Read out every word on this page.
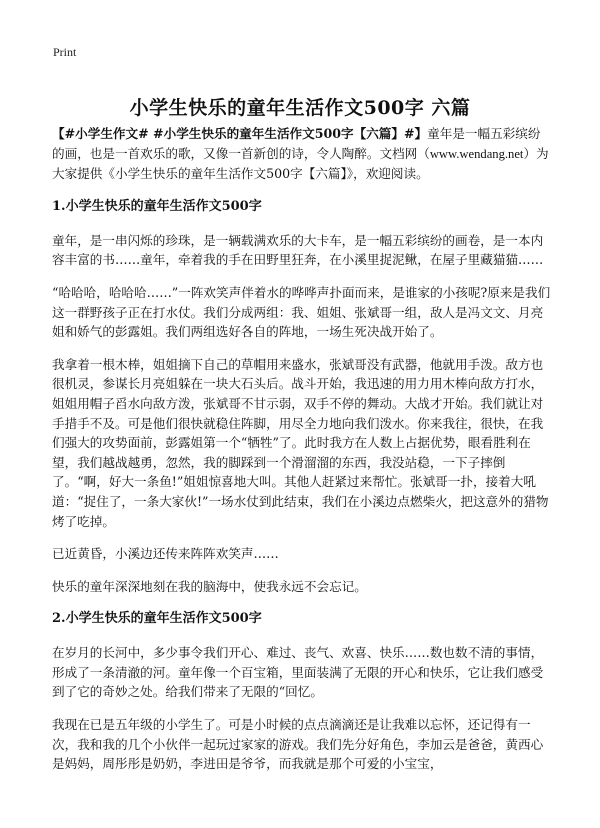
Print
小学生快乐的童年生活作文500字 六篇

【#小学生作文# #小学生快乐的童年生活作文500字【六篇】#】童年是一幅五彩缤纷的画，也是一首欢乐的歌，又像一首新创的诗，令人陶醉。文档网（www.wendang.net）为大家提供《小学生快乐的童年生活作文500字【六篇】》，欢迎阅读。

1.小学生快乐的童年生活作文500字

童年，是一串闪烁的珍珠，是一辆载满欢乐的大卡车，是一幅五彩缤纷的画卷，是一本内容丰富的书……童年，牵着我的手在田野里狂奔，在小溪里捉泥鳅，在屋子里藏猫猫……

“哈哈哈，哈哈哈……”一阵欢笑声伴着水的哗哗声扑面而来，是谁家的小孩呢?原来是我们这一群野孩子正在打水仗。我们分成两组：我、姐姐、张斌哥一组，敌人是冯文文、月亮姐和娇气的彭露姐。我们两组选好各自的阵地，一场生死决战开始了。

我拿着一根木棒，姐姐摘下自己的草帽用来盛水，张斌哥没有武器，他就用手泼。敌方也很机灵，参谋长月亮姐躲在一块大石头后。战斗开始，我迅速的用力用木棒向敌方打水，姐姐用帽子舀水向敌方泼，张斌哥不甘示弱，双手不停的舞动。大战才开始。我们就让对手措手不及。可是他们很快就稳住阵脚，用尽全力地向我们泼水。你来我往，很快，在我们强大的攻势面前，彭露姐第一个“牺牲”了。此时我方在人数上占据优势，眼看胜利在望，我们越战越勇，忽然，我的脚踩到一个滑溜溜的东西，我没站稳，一下子摔倒了。“啊，好大一条鱼!”姐姐惊喜地大叫。其他人赶紧过来帮忙。张斌哥一扑，接着大吼道：“捉住了，一条大家伙!”一场水仗到此结束，我们在小溪边点燃柴火，把这意外的猎物烤了吃掉。

已近黄昏，小溪边还传来阵阵欢笑声……

快乐的童年深深地刻在我的脑海中，使我永远不会忘记。

2.小学生快乐的童年生活作文500字

在岁月的长河中，多少事令我们开心、难过、丧气、欢喜、快乐……数也数不清的事情，形成了一条清澈的河。童年像一个百宝箱，里面装满了无限的开心和快乐，它让我们感受到了它的奇妙之处。给我们带来了无限的“回忆。

我现在已是五年级的小学生了。可是小时候的点点滴滴还是让我难以忘怀，还记得有一次，我和我的几个小伙伴一起玩过家家的游戏。我们先分好角色，李加云是爸爸，黄西心是妈妈，周彤彤是奶奶，李进田是爷爷，而我就是那个可爱的小宝宝，
